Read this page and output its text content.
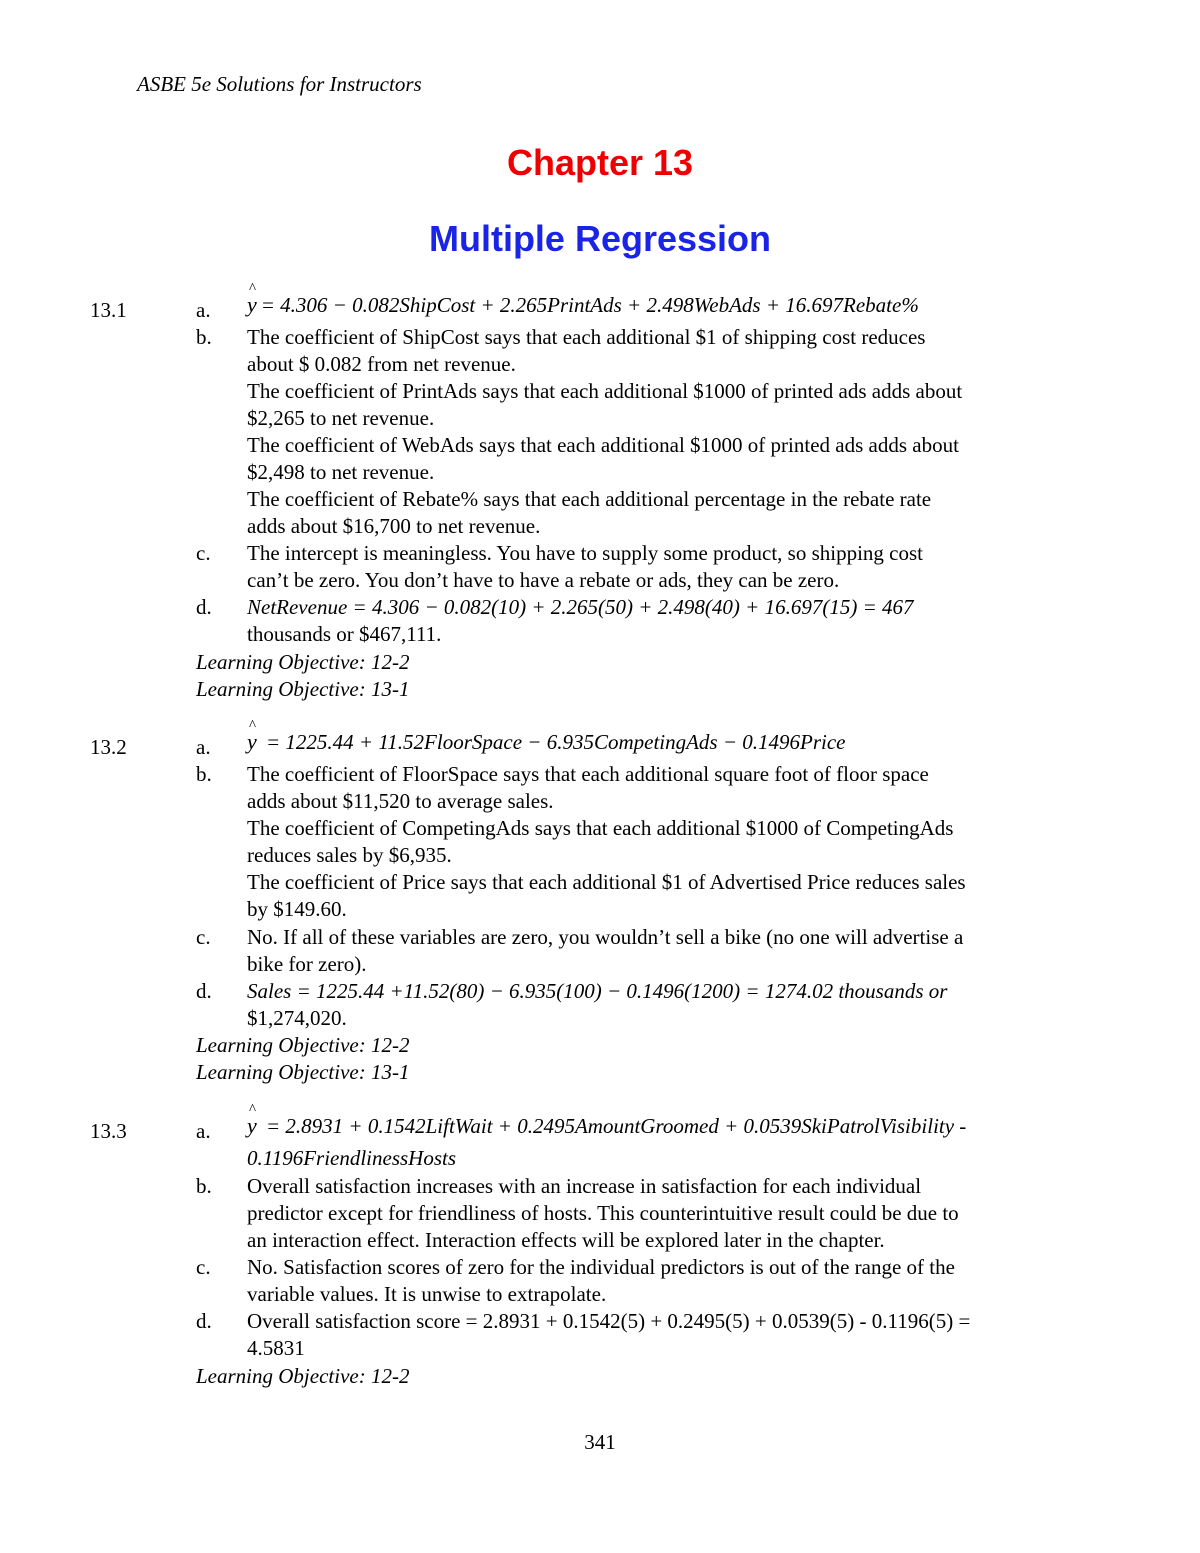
ASBE 5e Solutions for Instructors
Chapter 13
Multiple Regression
13.1	a. ^ y = 4.306 − 0.082ShipCost + 2.265PrintAds + 2.498WebAds + 16.697Rebate%
b. The coefficient of ShipCost says that each additional $1 of shipping cost reduces
about $ 0.082 from net revenue.
The coefficient of PrintAds says that each additional $1000 of printed ads adds about
$2,265 to net revenue.
The coefficient of WebAds says that each additional $1000 of printed ads adds about
$2,498 to net revenue.
The coefficient of Rebate% says that each additional percentage in the rebate rate
adds about $16,700 to net revenue.
c. The intercept is meaningless. You have to supply some product, so shipping cost
can’t be zero. You don’t have to have a rebate or ads, they can be zero.
d. NetRevenue = 4.306 − 0.082(10) + 2.265(50) + 2.498(40) + 16.697(15) = 467
thousands or $467,111.
Learning Objective: 12-2
Learning Objective: 13-1
13.2	a. ^ y = 1225.44 + 11.52FloorSpace − 6.935CompetingAds − 0.1496Price
b. The coefficient of FloorSpace says that each additional square foot of floor space
adds about $11,520 to average sales.
The coefficient of CompetingAds says that each additional $1000 of CompetingAds
reduces sales by $6,935.
The coefficient of Price says that each additional $1 of Advertised Price reduces sales
by $149.60.
c. No. If all of these variables are zero, you wouldn’t sell a bike (no one will advertise a
bike for zero).
d. Sales = 1225.44 +11.52(80) − 6.935(100) − 0.1496(1200) = 1274.02 thousands or
$1,274,020.
Learning Objective: 12-2
Learning Objective: 13-1
13.3	a. ^ y = 2.8931 + 0.1542LiftWait + 0.2495AmountGroomed + 0.0539SkiPatrolVisibility -
0.1196FriendlinessHosts
b. Overall satisfaction increases with an increase in satisfaction for each individual
predictor except for friendliness of hosts. This counterintuitive result could be due to
an interaction effect. Interaction effects will be explored later in the chapter.
c. No. Satisfaction scores of zero for the individual predictors is out of the range of the
variable values. It is unwise to extrapolate.
d. Overall satisfaction score = 2.8931 + 0.1542(5) + 0.2495(5) + 0.0539(5) - 0.1196(5) =
4.5831
Learning Objective: 12-2
341
